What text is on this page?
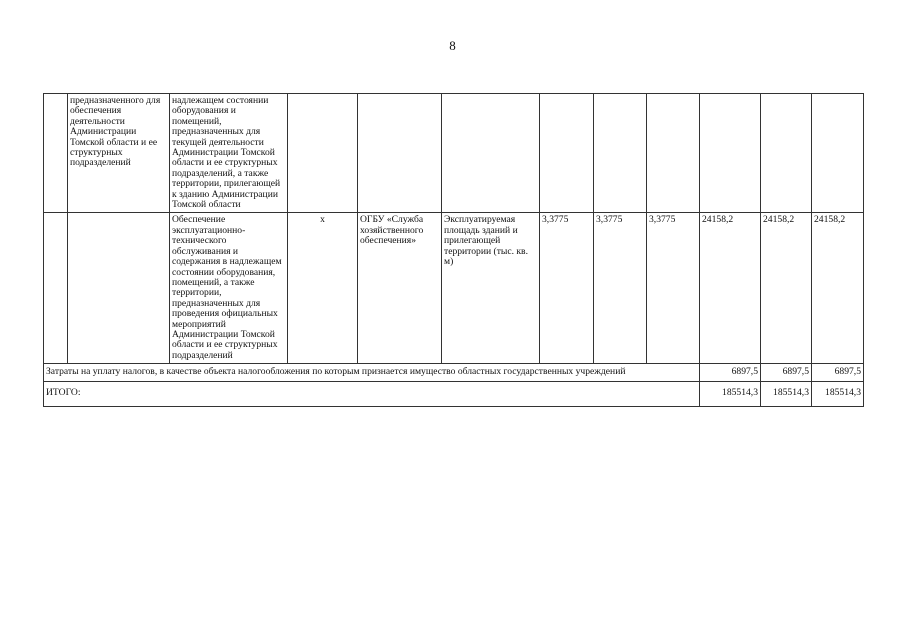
8
	предназначенного для обеспечения деятельности Администрации Томской области и ее структурных подразделений	надлежащем состоянии оборудования и помещений, предназначенных для текущей деятельности Администрации Томской области и ее структурных подразделений, а также территории, прилегающей к зданию Администрации Томской области									
		Обеспечение эксплуатационно-технического обслуживания и содержания в надлежащем состоянии оборудования, помещений, а также территории, предназначенных для проведения официальных мероприятий Администрации Томской области и ее структурных подразделений	х	ОГБУ «Служба хозяйственного обеспечения»	Эксплуатируемая площадь зданий и прилегающей территории (тыс. кв. м)	3,3775	3,3775	3,3775	24158,2	24158,2	24158,2
Затраты на уплату налогов, в качестве объекта налогообложения по которым признается имущество областных государственных учреждений									6897,5	6897,5	6897,5
ИТОГО:									185514,3	185514,3	185514,3
